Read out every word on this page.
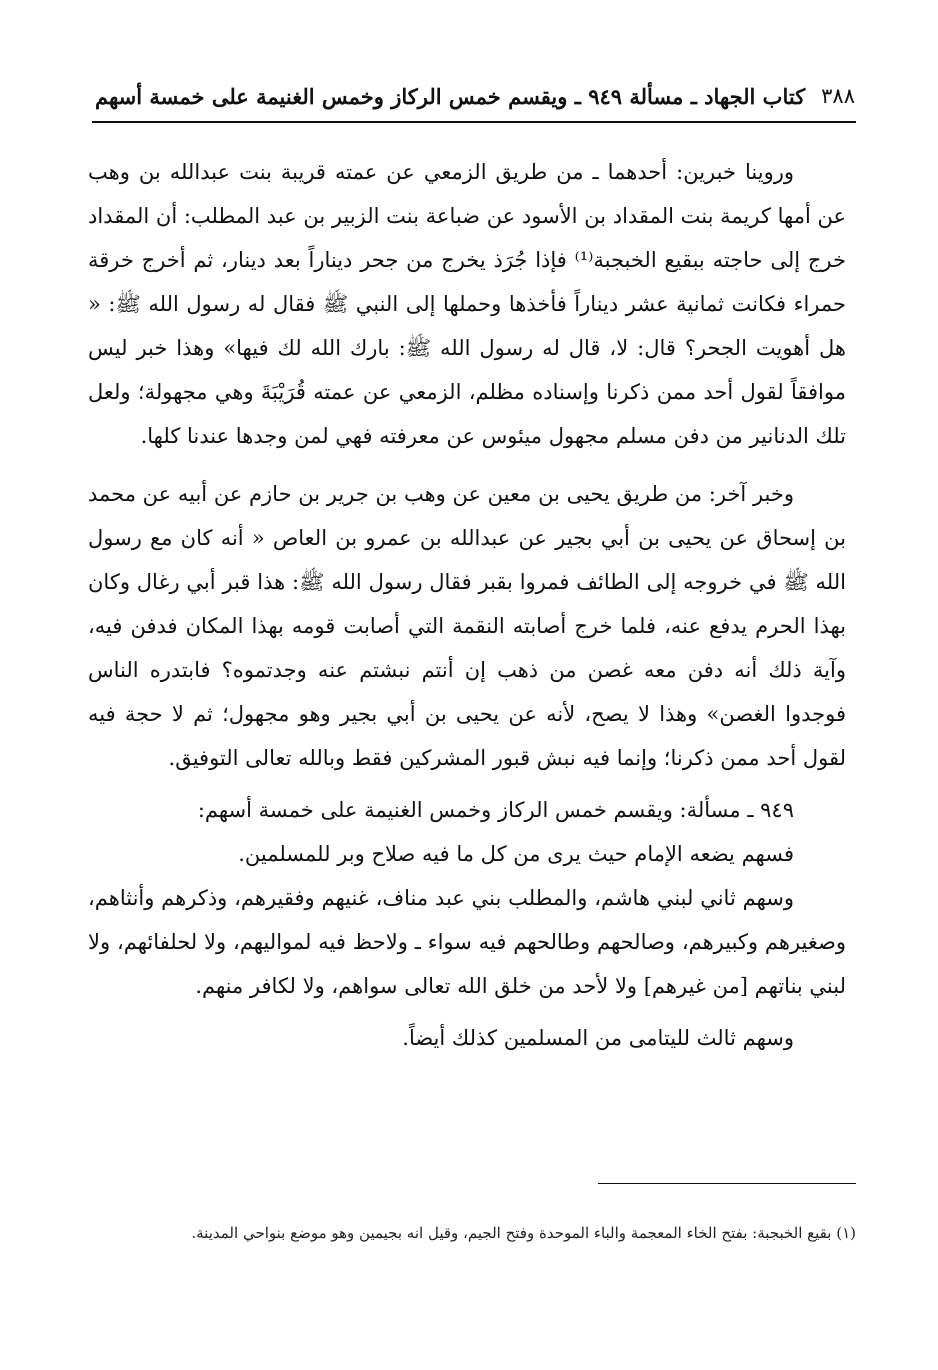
٣٨٨
كتاب الجهاد ـ مسألة ٩٤٩ ـ ويقسم خمس الركاز وخمس الغنيمة على خمسة أسهم

وروينا خبرين: أحدهما ـ من طريق الزمعي عن عمته قريبة بنت عبدالله بن وهب عن أمها كريمة بنت المقداد بن الأسود عن ضباعة بنت الزبير بن عبد المطلب: أن المقداد خرج إلى حاجته ببقيع الخبجبة⁽¹⁾ فإذا جُرَذ يخرج من جحر ديناراً بعد دينار، ثم أخرج خرقة حمراء فكانت ثمانية عشر ديناراً فأخذها وحملها إلى النبي ﷺ فقال له رسول الله ﷺ: « هل أهويت الجحر؟ قال: لا، قال له رسول الله ﷺ: بارك الله لك فيها» وهذا خبر ليس موافقاً لقول أحد ممن ذكرنا وإسناده مظلم، الزمعي عن عمته قُرَيْبَةَ وهي مجهولة؛ ولعل تلك الدنانير من دفن مسلم مجهول ميئوس عن معرفته فهي لمن وجدها عندنا كلها.

وخبر آخر: من طريق يحيى بن معين عن وهب بن جرير بن حازم عن أبيه عن محمد بن إسحاق عن يحيى بن أبي بجير عن عبدالله بن عمرو بن العاص « أنه كان مع رسول الله ﷺ في خروجه إلى الطائف فمروا بقبر فقال رسول الله ﷺ: هذا قبر أبي رغال وكان بهذا الحرم يدفع عنه، فلما خرج أصابته النقمة التي أصابت قومه بهذا المكان فدفن فيه، وآية ذلك أنه دفن معه غصن من ذهب إن أنتم نبشتم عنه وجدتموه؟ فابتدره الناس فوجدوا الغصن» وهذا لا يصح، لأنه عن يحيى بن أبي بجير وهو مجهول؛ ثم لا حجة فيه لقول أحد ممن ذكرنا؛ وإنما فيه نبش قبور المشركين فقط وبالله تعالى التوفيق.

٩٤٩ ـ مسألة: ويقسم خمس الركاز وخمس الغنيمة على خمسة أسهم:

فسهم يضعه الإمام حيث يرى من كل ما فيه صلاح وبر للمسلمين.

وسهم ثاني لبني هاشم، والمطلب بني عبد مناف، غنيهم وفقيرهم، وذكرهم وأنثاهم، وصغيرهم وكبيرهم، وصالحهم وطالحهم فيه سواء ـ ولاحظ فيه لمواليهم، ولا لحلفائهم، ولا لبني بناتهم [من غيرهم] ولا لأحد من خلق الله تعالى سواهم، ولا لكافر منهم.

وسهم ثالث لليتامى من المسلمين كذلك أيضاً.

(١) بقيع الخبجبة: بفتح الخاء المعجمة والباء الموحدة وفتح الجيم، وقيل انه بجيمين وهو موضع بنواحي المدينة.
